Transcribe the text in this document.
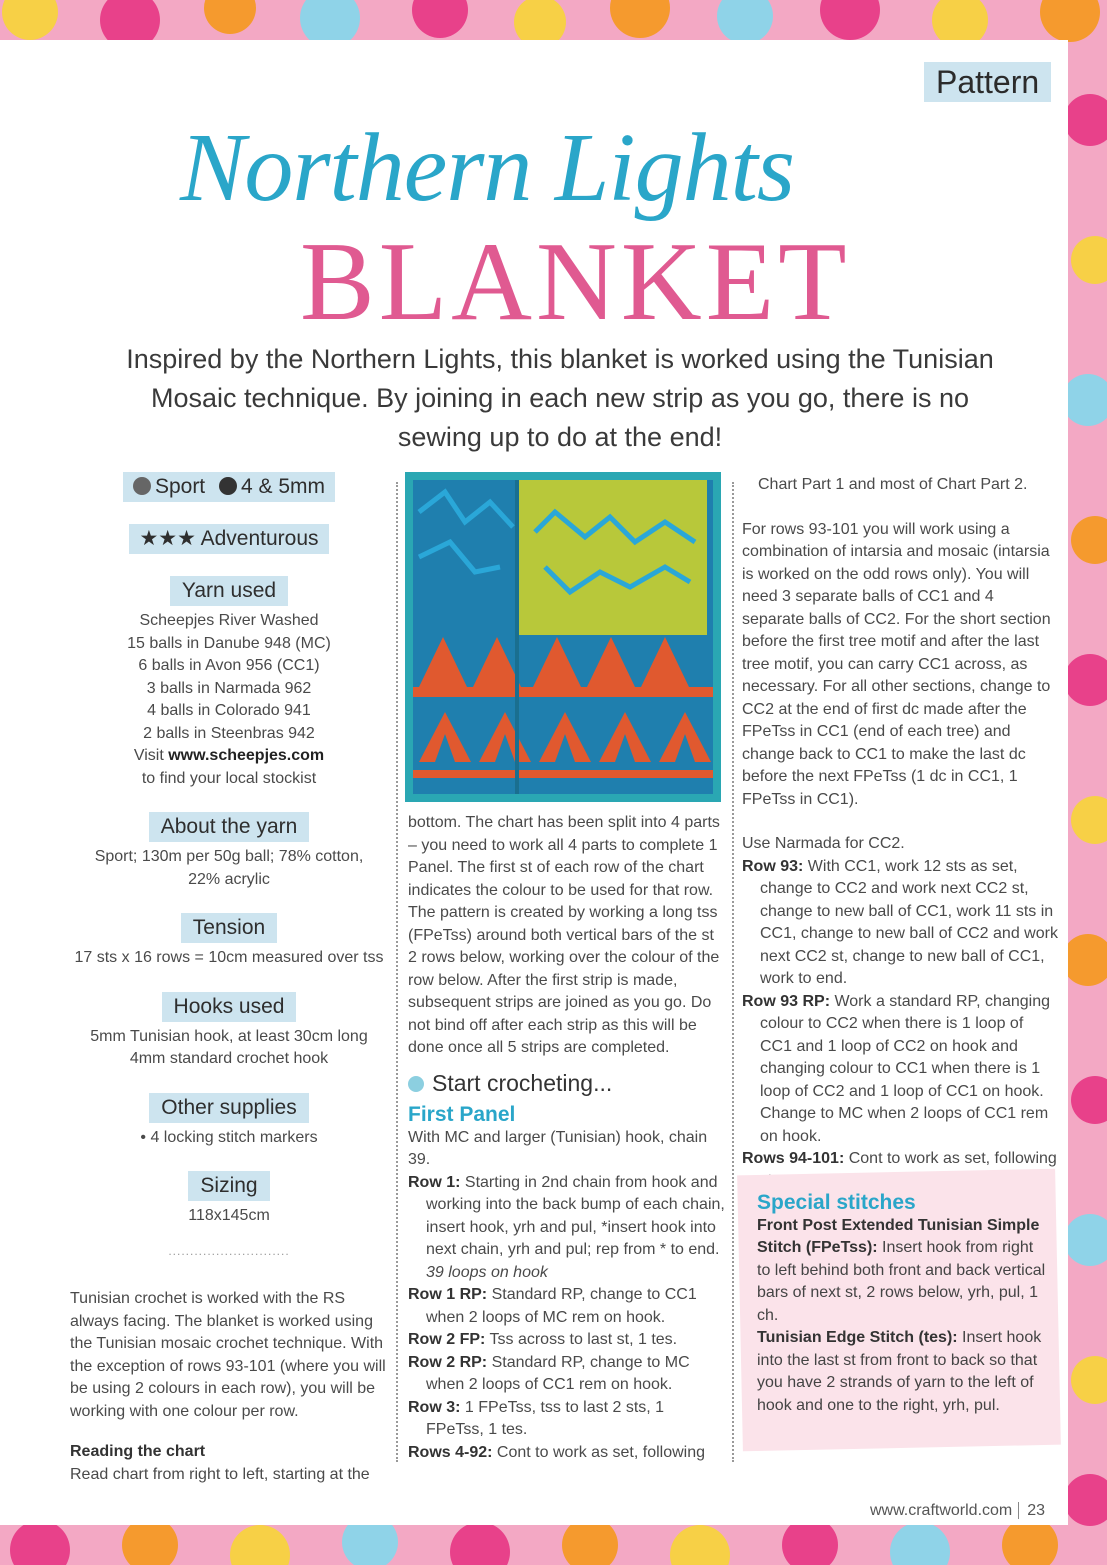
Pattern
Northern Lights
BLANKET
Inspired by the Northern Lights, this blanket is worked using the Tunisian Mosaic technique. By joining in each new strip as you go, there is no sewing up to do at the end!
Sport 4 & 5mm
★★★ Adventurous
Yarn used

Scheepjes River Washed

15 balls in Danube 948 (MC)

6 balls in Avon 956 (CC1)

3 balls in Narmada 962

4 balls in Colorado 941

2 balls in Steenbras 942

Visit www.scheepjes.com

to find your local stockist

About the yarn

Sport; 130m per 50g ball; 78% cotton, 22% acrylic

Tension

17 sts x 16 rows = 10cm measured over tss

Hooks used

5mm Tunisian hook, at least 30cm long

4mm standard crochet hook

Other supplies

• 4 locking stitch markers

Sizing

118x145cm

............................

Tunisian crochet is worked with the RS always facing. The blanket is worked using the Tunisian mosaic crochet technique. With the exception of rows 93-101 (where you will be using 2 colours in each row), you will be working with one colour per row.

Reading the chart

Read chart from right to left, starting at the

bottom. The chart has been split into 4 parts – you need to work all 4 parts to complete 1 Panel. The first st of each row of the chart indicates the colour to be used for that row. The pattern is created by working a long tss (FPeTss) around both vertical bars of the st 2 rows below, working over the colour of the row below. After the first strip is made, subsequent strips are joined as you go. Do not bind off after each strip as this will be done once all 5 strips are completed.

Start crocheting...

First Panel

With MC and larger (Tunisian) hook, chain 39.

Row 1: Starting in 2nd chain from hook and working into the back bump of each chain, insert hook, yrh and pul, *insert hook into next chain, yrh and pul; rep from * to end. 39 loops on hook

Row 1 RP: Standard RP, change to CC1 when 2 loops of MC rem on hook.

Row 2 FP: Tss across to last st, 1 tes.

Row 2 RP: Standard RP, change to MC when 2 loops of CC1 rem on hook.

Row 3: 1 FPeTss, tss to last 2 sts, 1 FPeTss, 1 tes.

Rows 4-92: Cont to work as set, following

Chart Part 1 and most of Chart Part 2.

For rows 93-101 you will work using a combination of intarsia and mosaic (intarsia is worked on the odd rows only). You will need 3 separate balls of CC1 and 4 separate balls of CC2. For the short section before the first tree motif and after the last tree motif, you can carry CC1 across, as necessary. For all other sections, change to CC2 at the end of first dc made after the FPeTss in CC1 (end of each tree) and change back to CC1 to make the last dc before the next FPeTss (1 dc in CC1, 1 FPeTss in CC1).

Use Narmada for CC2.

Row 93: With CC1, work 12 sts as set, change to CC2 and work next CC2 st, change to new ball of CC1, work 11 sts in CC1, change to new ball of CC2 and work next CC2 st, change to new ball of CC1, work to end.

Row 93 RP: Work a standard RP, changing colour to CC2 when there is 1 loop of CC1 and 1 loop of CC2 on hook and changing colour to CC1 when there is 1 loop of CC2 and 1 loop of CC1 on hook. Change to MC when 2 loops of CC1 rem on hook.

Rows 94-101: Cont to work as set, following

Special stitches

Front Post Extended Tunisian Simple Stitch (FPeTss): Insert hook from right to left behind both front and back vertical bars of next st, 2 rows below, yrh, pul, 1 ch.

Tunisian Edge Stitch (tes): Insert hook into the last st from front to back so that you have 2 strands of yarn to the left of hook and one to the right, yrh, pul.

www.craftworld.com 23
